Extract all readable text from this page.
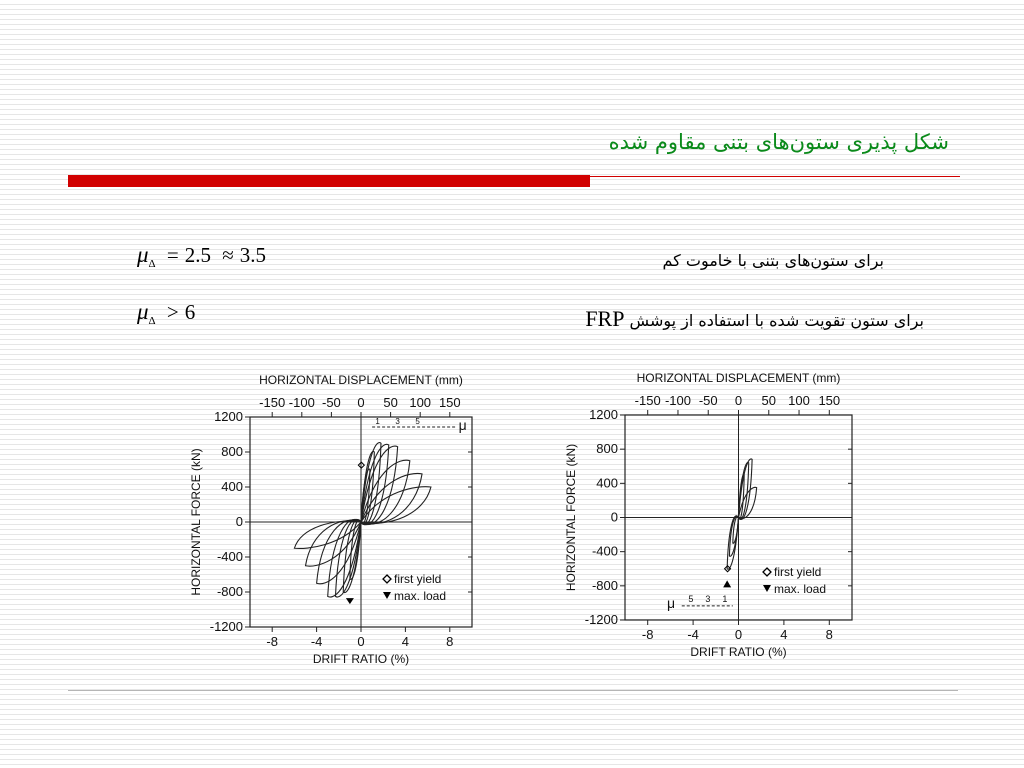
شکل پذیری ستون‌های بتنی مقاوم شده
برای ستون‌های بتنی با خاموت کم
برای ستون تقویت شده با استفاده از پوشش FRP
$\mu_\Delta = 2.5 \approx 3.5$
$\mu_\Delta > 6$
HORIZONTAL DISPLACEMENT (mm)
-150 -100 -50 0 50 100 150
-8	-4	0	4	8
DRIFT RATIO (%)
1200
800
400
0
-400
-800
-1200
HORIZONTAL FORCE (kN)	first yield
max. load
1 3 5	μ
HORIZONTAL DISPLACEMENT (mm)
-150 -100 -50 0 50 100 150
-8	-4	0	4	8
DRIFT RATIO (%)
1200
800
400
0
-400
-800
-1200
HORIZONTAL FORCE (kN)	first yield
max. load
μ 5 3 1
